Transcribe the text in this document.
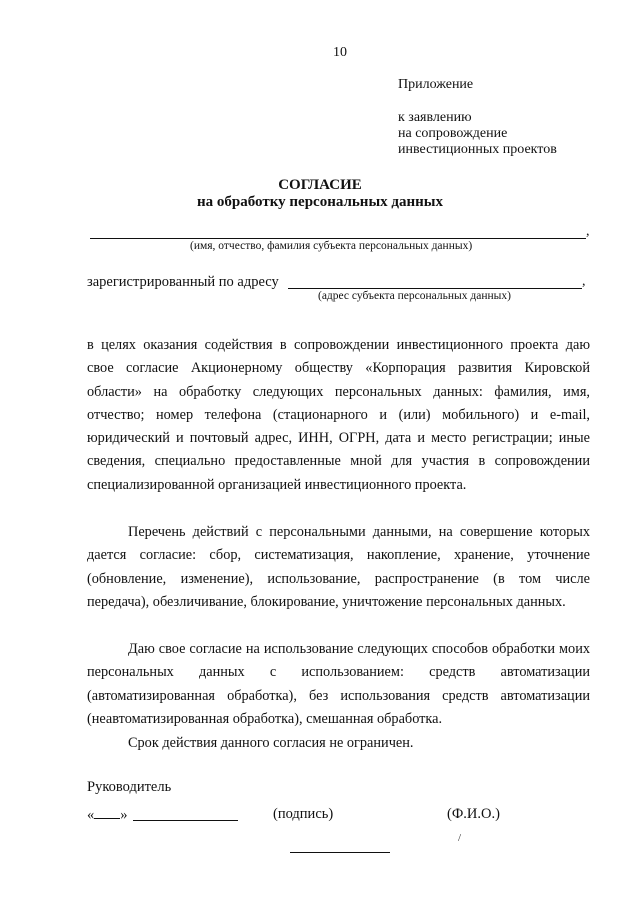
10
Приложение
к заявлению
на сопровождение
инвестиционных проектов
СОГЛАСИЕ
на обработку персональных данных
,
(имя, отчество, фамилия субъекта персональных данных)
зарегистрированный по адресу	,
(адрес субъекта персональных данных)

в целях оказания содействия в сопровождении инвестиционного проекта даю свое согласие Акционерному обществу «Корпорация развития Кировской области» на обработку следующих персональных данных: фамилия, имя, отчество; номер телефона (стационарного и (или) мобильного) и e-mail, юридический и почтовый адрес, ИНН, ОГРН, дата и место регистрации; иные сведения, специально предоставленные мной для участия в сопровождении специализированной организацией инвестиционного проекта.

Перечень действий с персональными данными, на совершение которых дается согласие: сбор, систематизация, накопление, хранение, уточнение (обновление, изменение), использование, распространение (в том числе передача), обезличивание, блокирование, уничтожение персональных данных.

Даю свое согласие на использование следующих способов обработки моих персональных данных с использованием: средств автоматизации (автоматизированная обработка), без использования средств автоматизации (неавтоматизированная обработка), смешанная обработка.

Срок действия данного согласия не ограничен.

Руководитель
« »	(подпись)	(Ф.И.О.)
/
